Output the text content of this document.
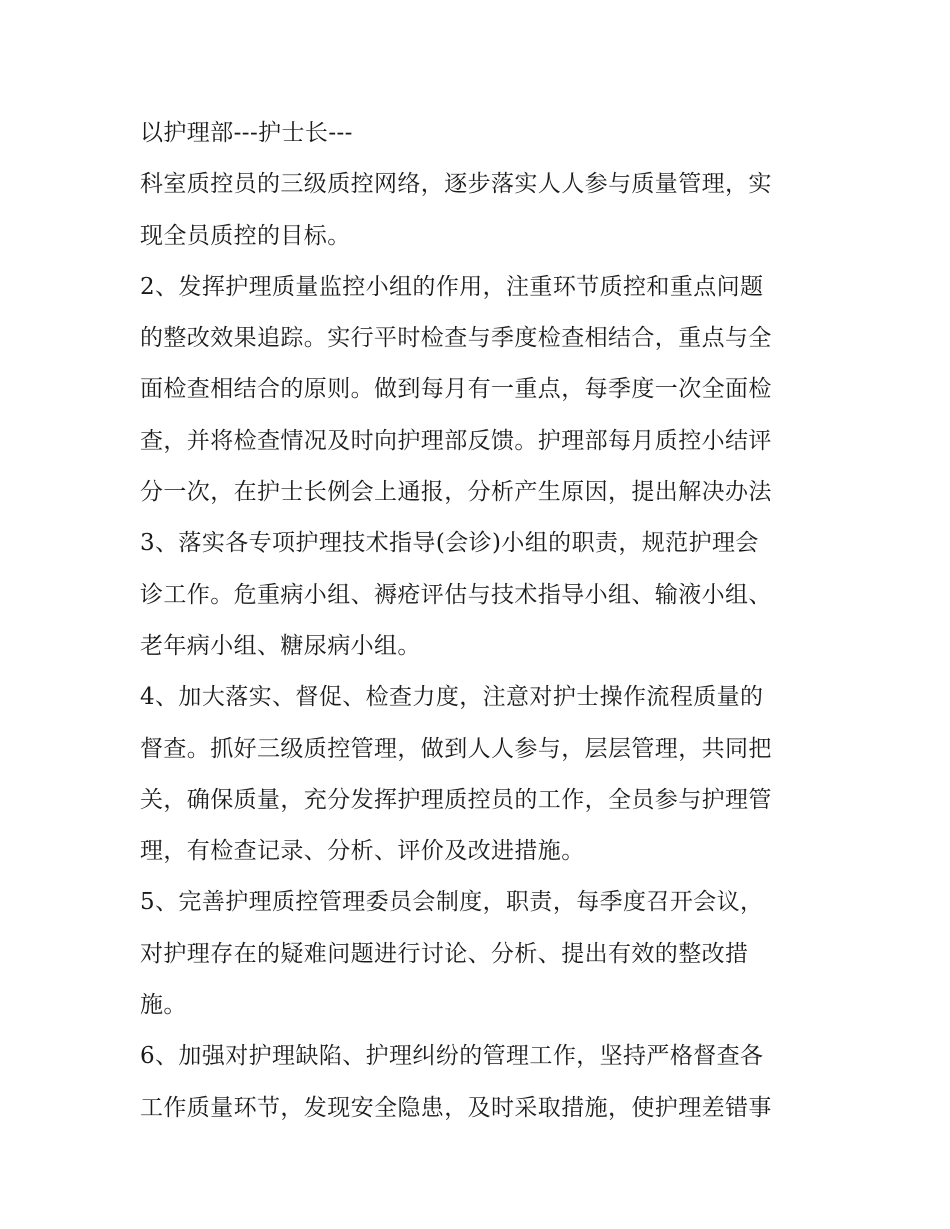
以护理部---护士长---
科室质控员的三级质控网络，逐步落实人人参与质量管理，实
现全员质控的目标。
2、发挥护理质量监控小组的作用，注重环节质控和重点问题
的整改效果追踪。实行平时检查与季度检查相结合，重点与全
面检查相结合的原则。做到每月有一重点，每季度一次全面检
查，并将检查情况及时向护理部反馈。护理部每月质控小结评
分一次，在护士长例会上通报，分析产生原因，提出解决办法
3、落实各专项护理技术指导(会诊)小组的职责，规范护理会
诊工作。危重病小组、褥疮评估与技术指导小组、输液小组、
老年病小组、糖尿病小组。
4、加大落实、督促、检查力度，注意对护士操作流程质量的
督查。抓好三级质控管理，做到人人参与，层层管理，共同把
关，确保质量，充分发挥护理质控员的工作，全员参与护理管
理，有检查记录、分析、评价及改进措施。
5、完善护理质控管理委员会制度，职责，每季度召开会议，
对护理存在的疑难问题进行讨论、分析、提出有效的整改措
施。
6、加强对护理缺陷、护理纠纷的管理工作，坚持严格督查各
工作质量环节，发现安全隐患，及时采取措施，使护理差错事
